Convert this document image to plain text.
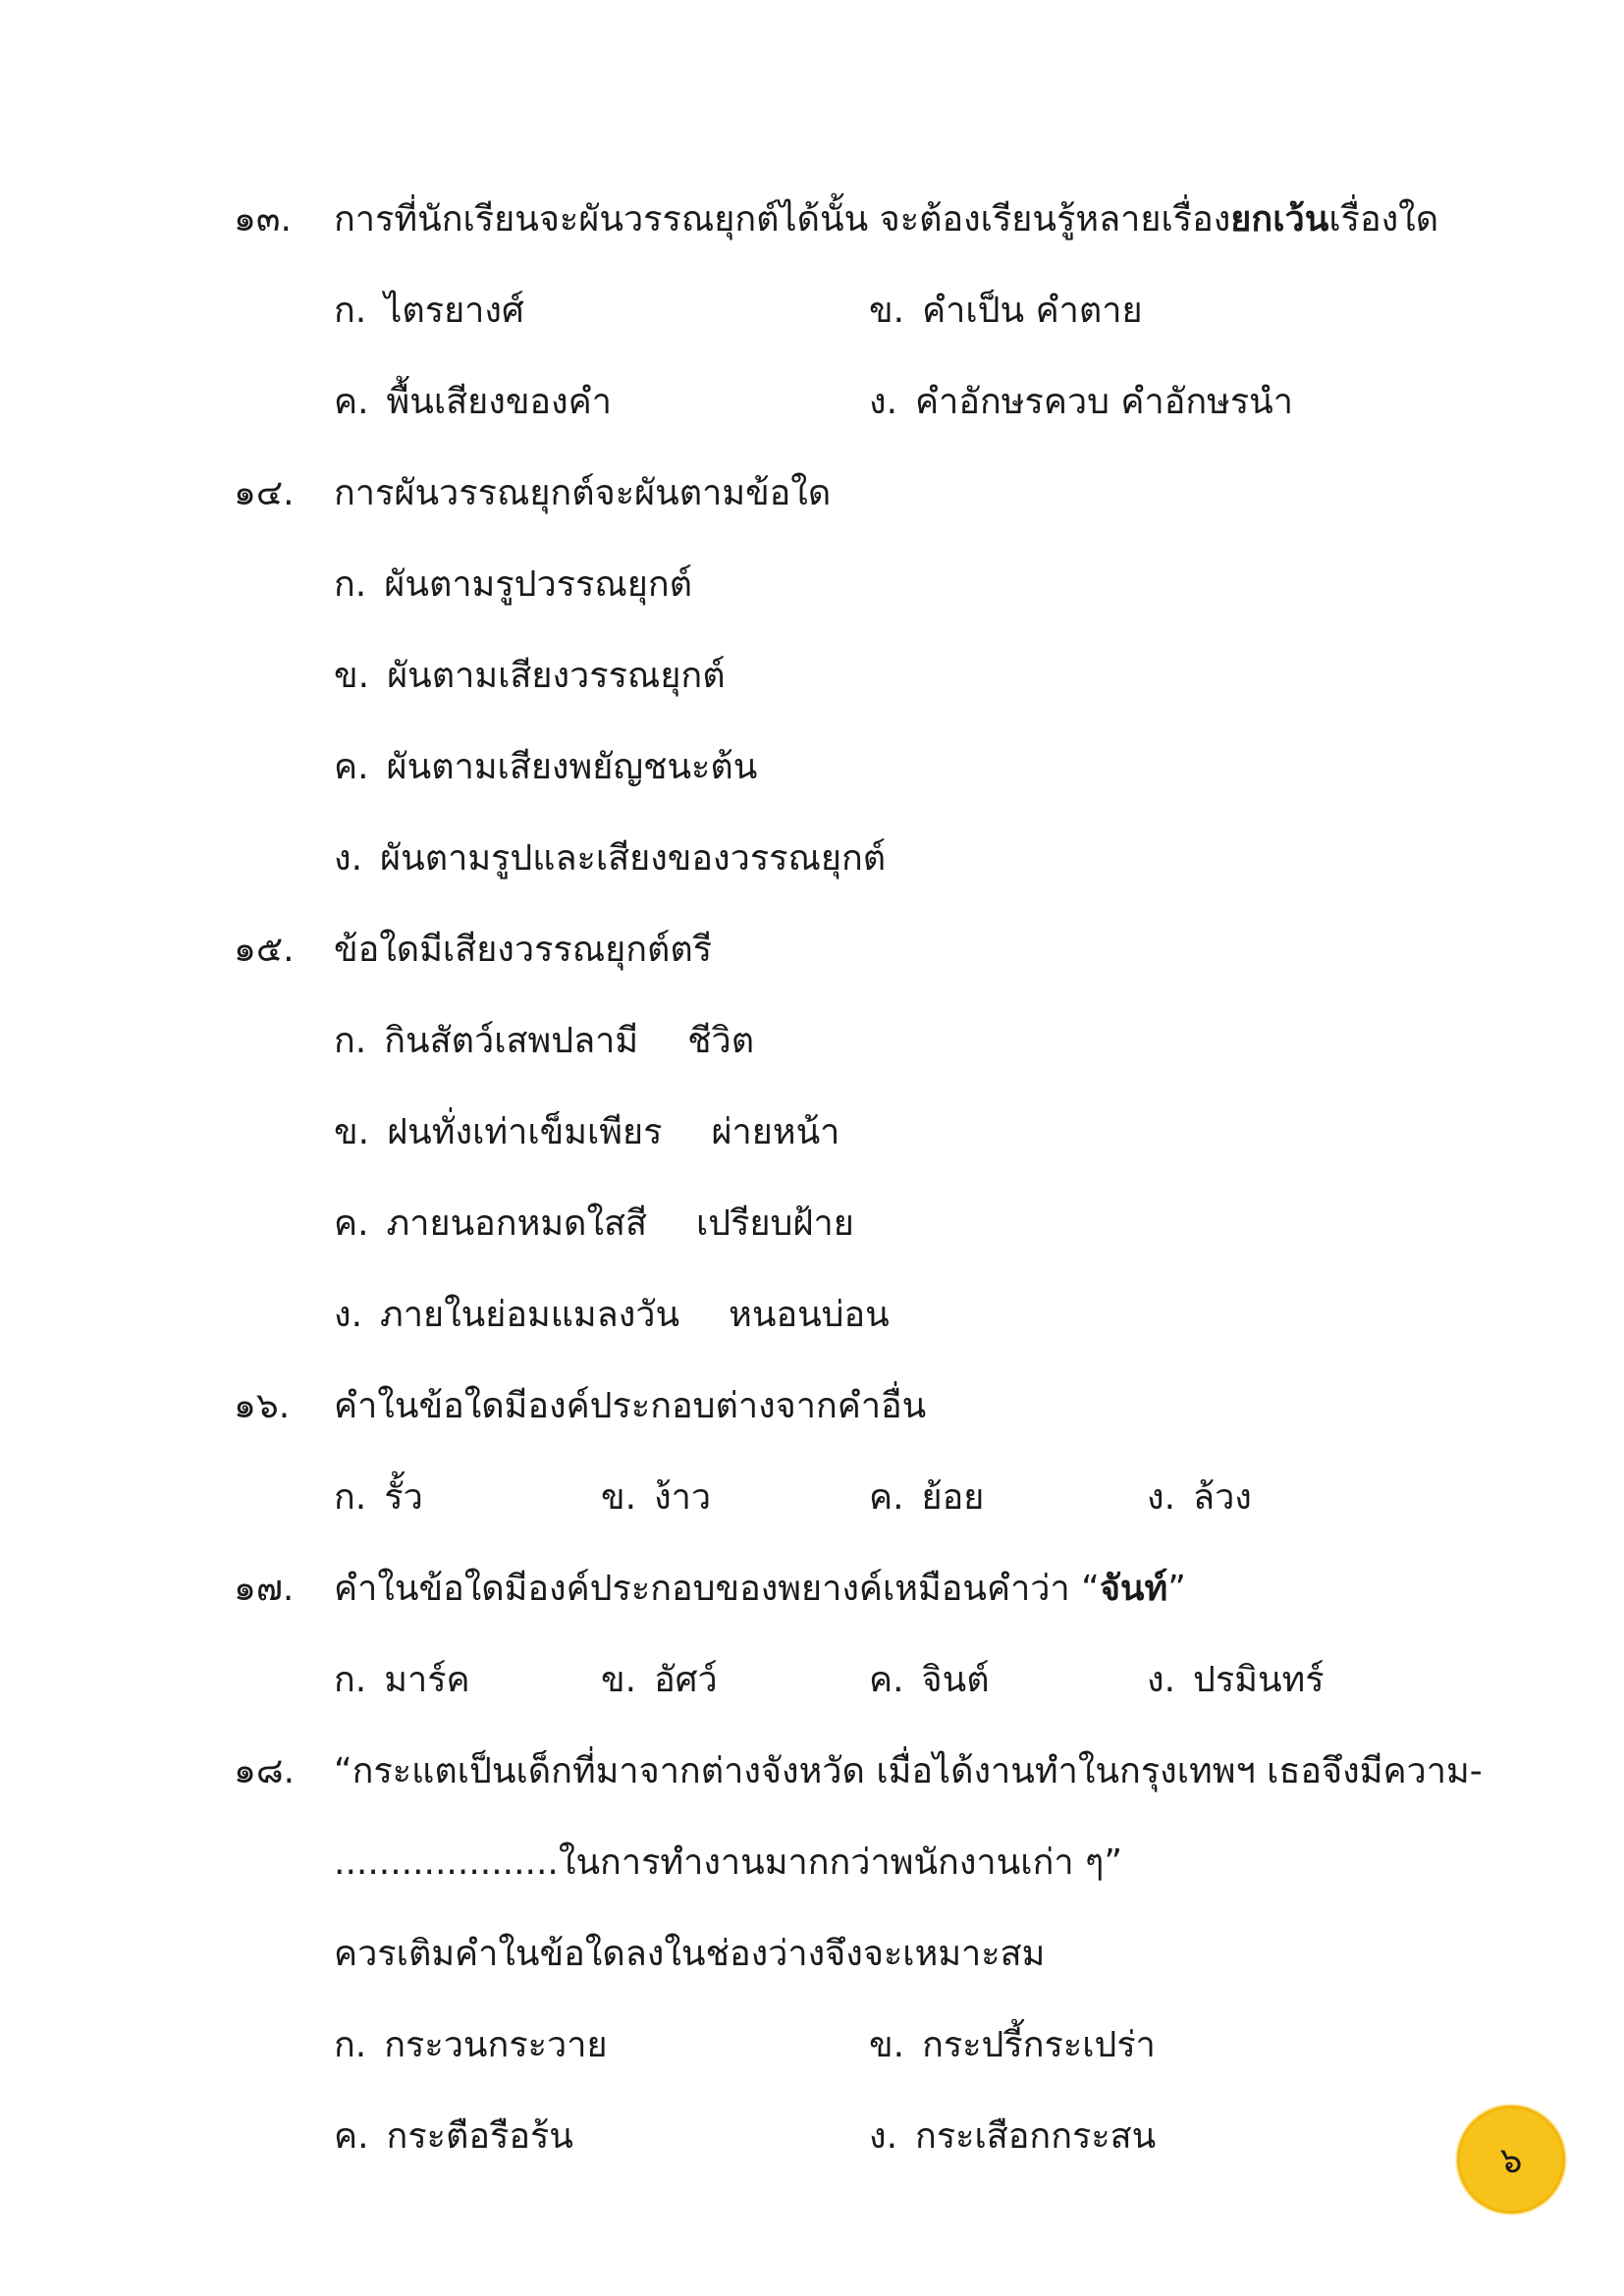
๑๓. การที่นักเรียนจะผันวรรณยุกต์ได้นั้น จะต้องเรียนรู้หลายเรื่องยกเว้นเรื่องใด
ก. ไตรยางศ์	ข. คำเป็น คำตาย
ค. พื้นเสียงของคำ	ง. คำอักษรควบ คำอักษรนำ
๑๔. การผันวรรณยุกต์จะผันตามข้อใด
ก. ผันตามรูปวรรณยุกต์
ข. ผันตามเสียงวรรณยุกต์
ค. ผันตามเสียงพยัญชนะต้น
ง. ผันตามรูปและเสียงของวรรณยุกต์
๑๕. ข้อใดมีเสียงวรรณยุกต์ตรี
ก. กินสัตว์เสพปลามี ชีวิต
ข. ฝนทั่งเท่าเข็มเพียร ผ่ายหน้า
ค. ภายนอกหมดใสสี เปรียบฝ้าย
ง. ภายในย่อมแมลงวัน หนอนบ่อน
๑๖. คำในข้อใดมีองค์ประกอบต่างจากคำอื่น
ก. รั้ว	ข. ง้าว	ค. ย้อย	ง. ล้วง
๑๗. คำในข้อใดมีองค์ประกอบของพยางค์เหมือนคำว่า “จันท์”
ก. มาร์ค	ข. อัศว์	ค. จินต์	ง. ปรมินทร์
๑๘. “กระแตเป็นเด็กที่มาจากต่างจังหวัด เมื่อได้งานทำในกรุงเทพฯ เธอจึงมีความ-
....................ในการทำงานมากกว่าพนักงานเก่า ๆ”
ควรเติมคำในข้อใดลงในช่องว่างจึงจะเหมาะสม
ก. กระวนกระวาย	ข. กระปรี้กระเปร่า
ค. กระตือรือร้น	ง. กระเสือกกระสน
๖
